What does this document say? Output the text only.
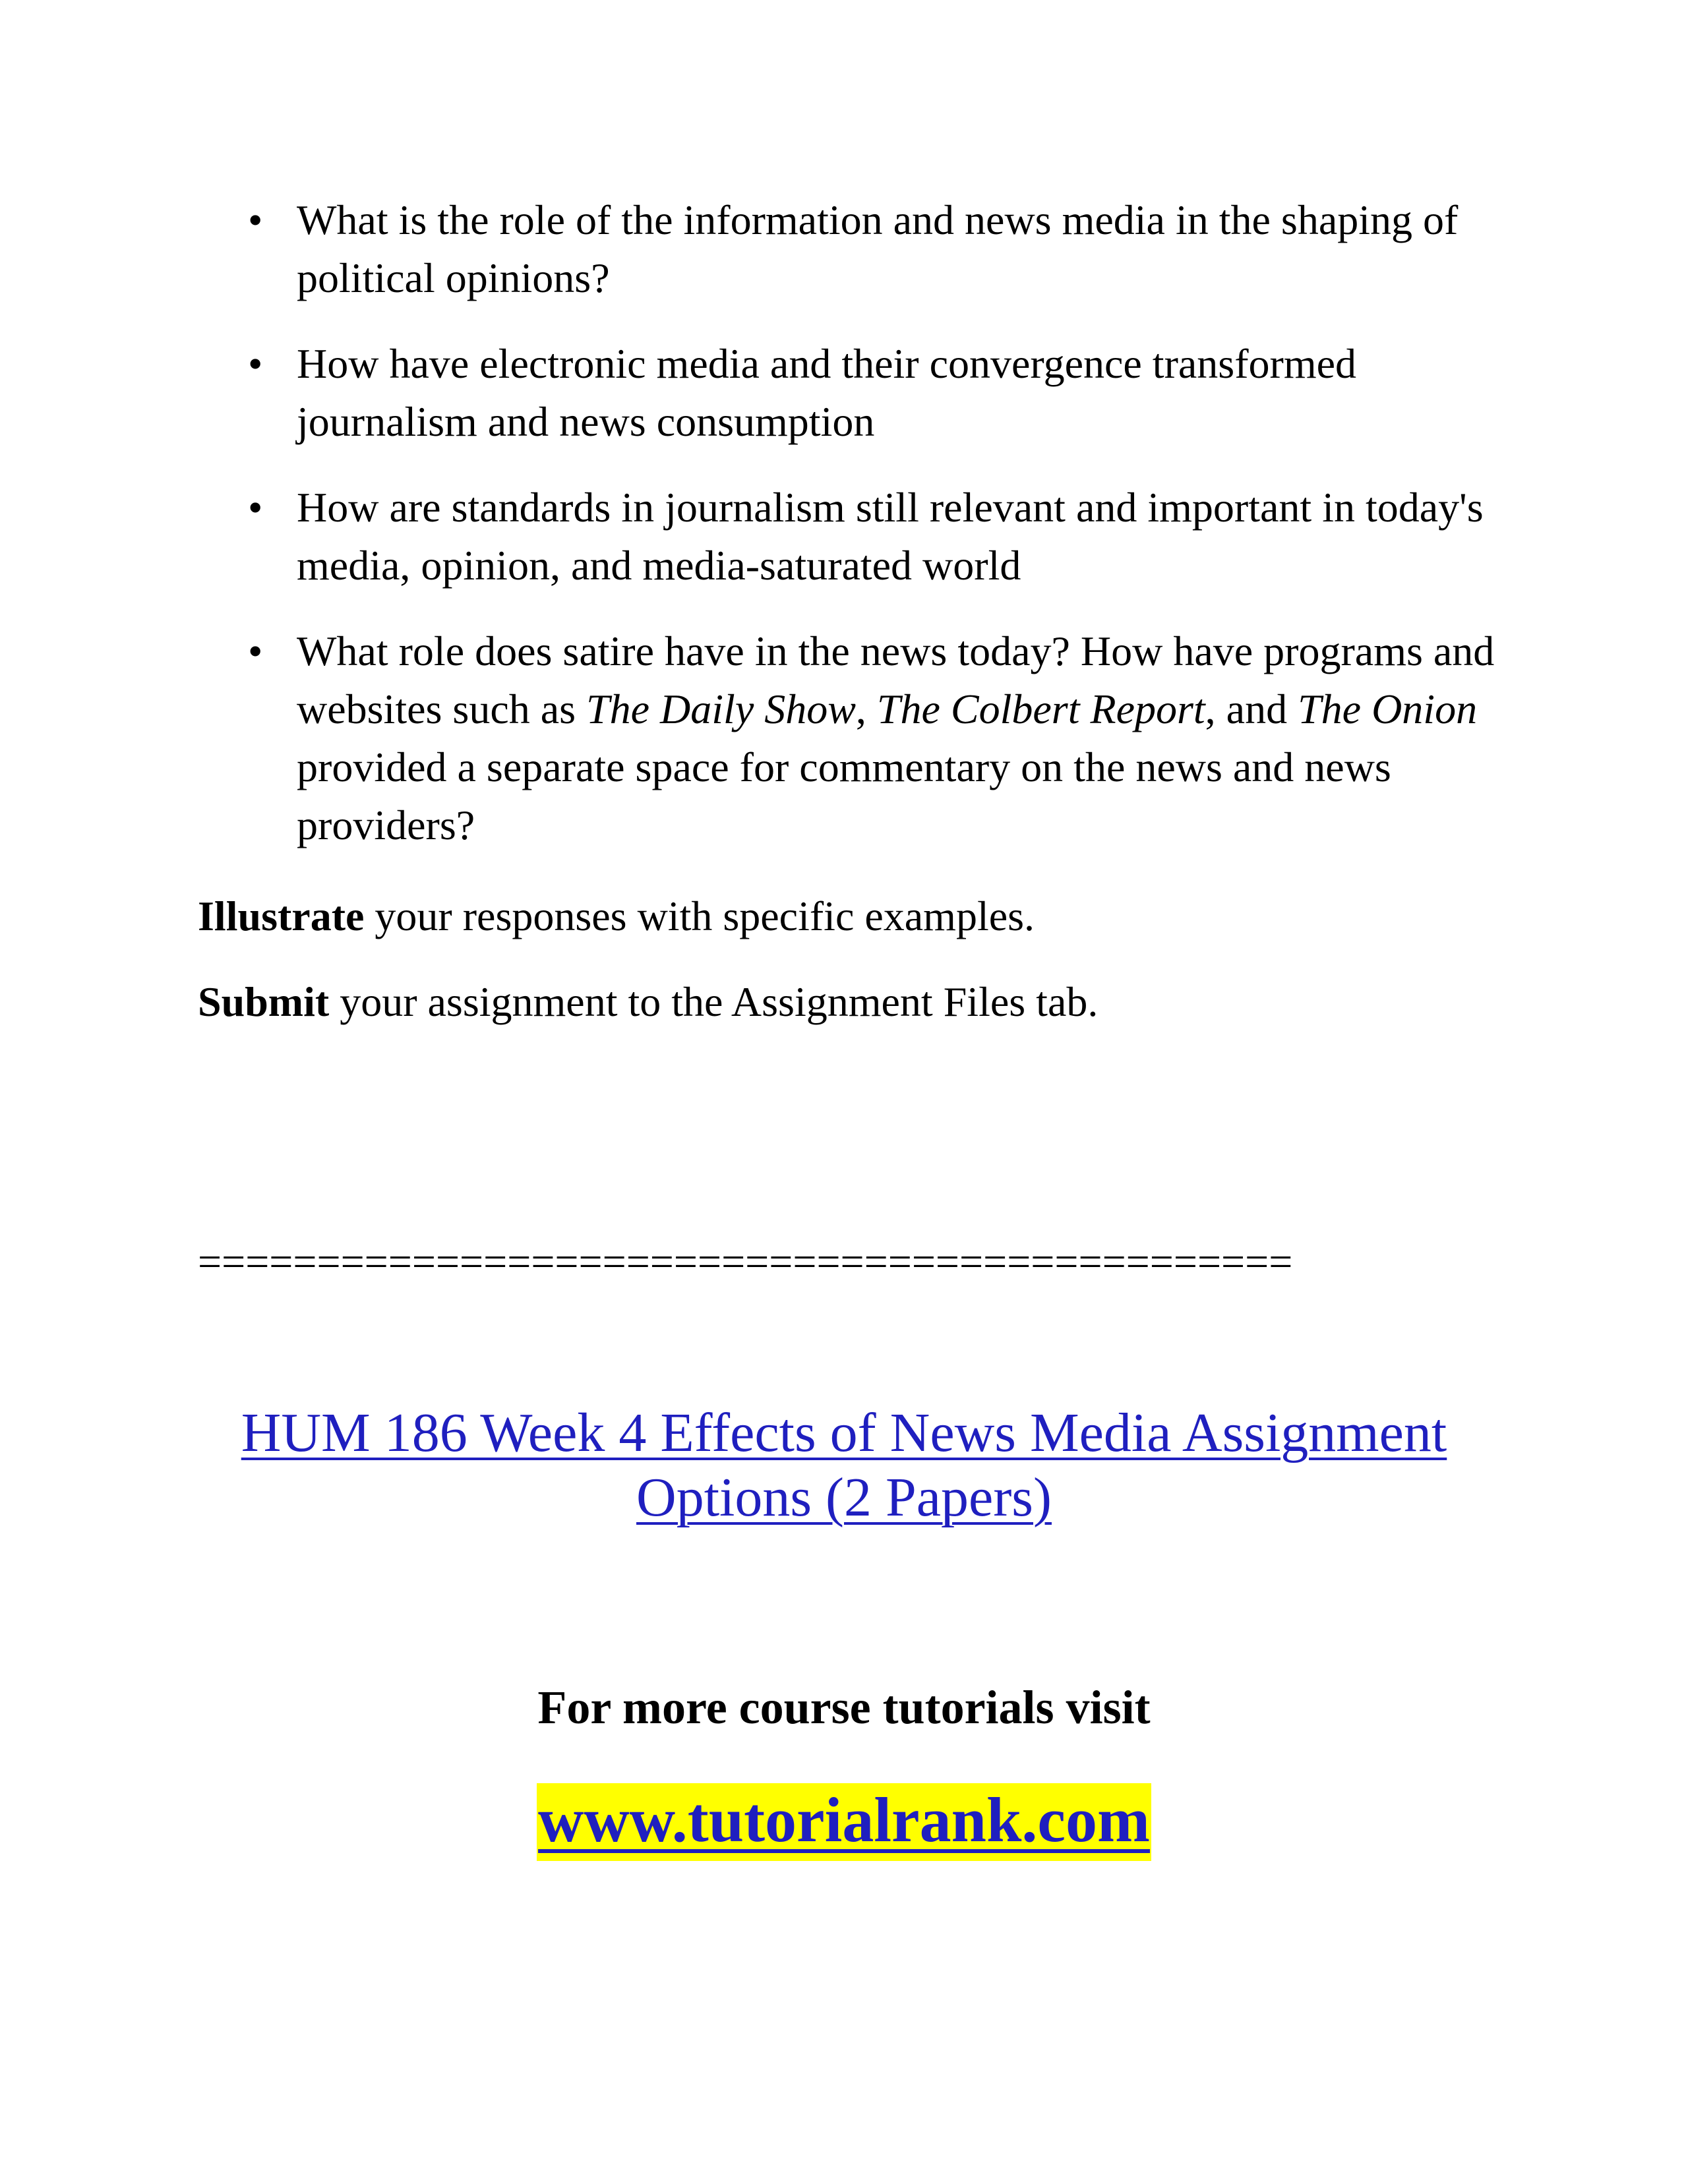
• What is the role of the information and news media in the shaping of political opinions?
• How have electronic media and their convergence transformed journalism and news consumption
• How are standards in journalism still relevant and important in today's media, opinion, and media-saturated world
• What role does satire have in the news today? How have programs and websites such as The Daily Show, The Colbert Report, and The Onion provided a separate space for commentary on the news and news providers?
Illustrate your responses with specific examples.
Submit your assignment to the Assignment Files tab.
==============================================
HUM 186 Week 4 Effects of News Media Assignment Options (2 Papers)
For more course tutorials visit
www.tutorialrank.com
